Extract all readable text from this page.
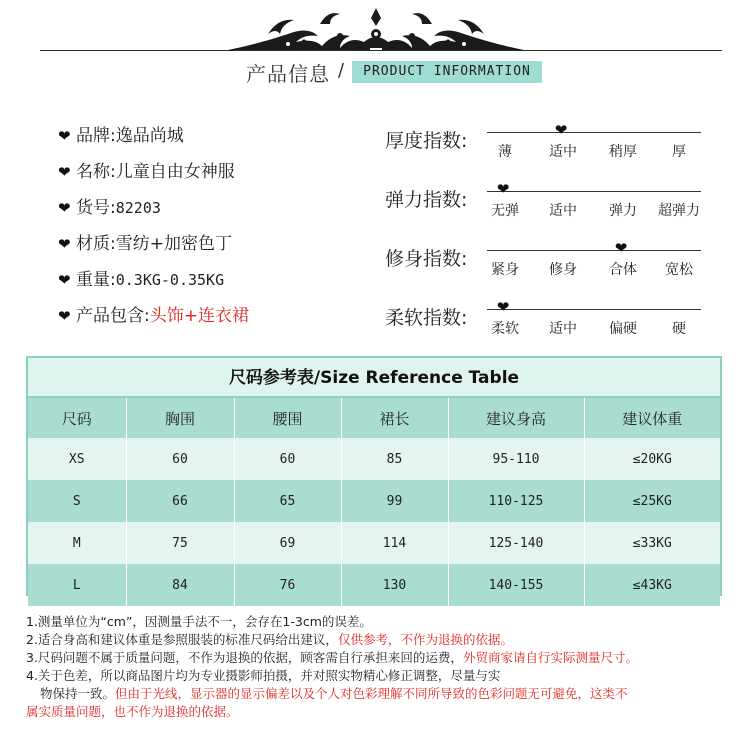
产品信息 /	PRODUCT INFORMATION
❤ 品牌:逸品尚城
❤ 名称:儿童自由女神服
❤ 货号:82203
❤ 材质:雪纺+加密色丁
❤ 重量:0.3KG-0.35KG
❤ 产品包含:头饰+连衣裙
厚度指数:	❤
薄	适中	稍厚	厚
弹力指数: ❤
无弹	适中	弹力	超弹力
修身指数:	❤
紧身	修身	合体	宽松
柔软指数: ❤
柔软	适中	偏硬	硬
尺码参考表/Size Reference Table
尺码	胸围	腰围	裙长	建议身高	建议体重
XS	60	60	85	95-110	≤20KG
S	66	65	99	110-125	≤25KG
M	75	69	114	125-140	≤33KG
L	84	76	130	140-155	≤43KG
1.测量单位为“cm”，因测量手法不一，会存在1-3cm的误差。
2.适合身高和建议体重是参照服装的标准尺码给出建议，仅供参考，不作为退换的依据。
3.尺码问题不属于质量问题，不作为退换的依据，顾客需自行承担来回的运费，外贸商家请自行实际测量尺寸。
4.关于色差，所以商品图片均为专业摄影师拍摄，并对照实物精心修正调整，尽量与实
物保持一致。但由于光线，显示器的显示偏差以及个人对色彩理解不同所导致的色彩问题无可避免，这类不
属实质量问题，也不作为退换的依据。
